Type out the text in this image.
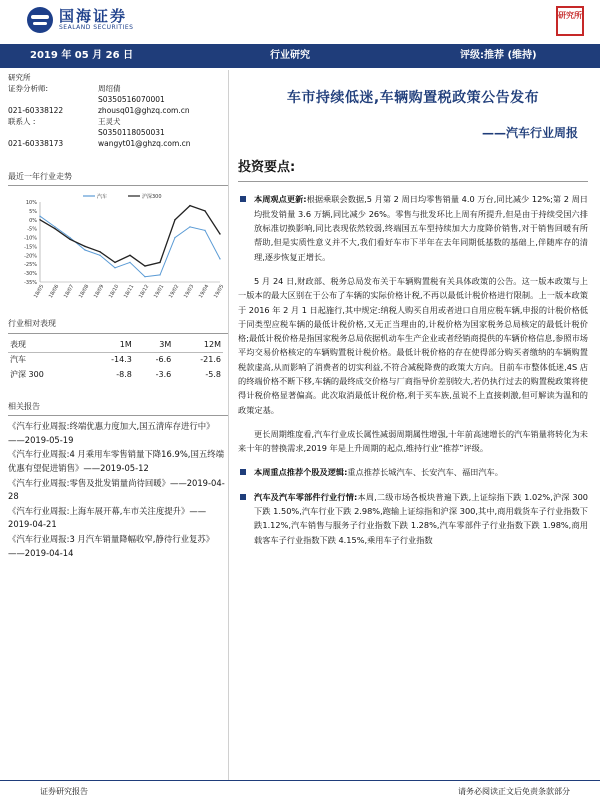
国海证券
SEALAND SECURITIES
研究所
2019 年 05 月 26 日	行业研究	评级:推荐 (维持)
研究所
证券分析师:	周绍倩
S0350516070001
021-60338122	zhousq01@ghzq.com.cn
联系人 :	王灵犬
S0350118050031
021-60338173	wangyt01@ghzq.com.cn
最近一年行业走势
10%
5%
0%
-5%
-10%
-15%
-20%
-25%
-30%
-35%
18/05 18/06 18/07 18/08 18/09 18/10 18/11 18/12 19/01 19/02 19/03 19/04 19/05
汽车	沪深300
行业相对表现
表现	1M	3M	12M
汽车	-14.3	-6.6	-21.6
沪深 300	-8.8	-3.6	-5.8
相关报告

《汽车行业周报:终端优惠力度加大,国五清库存进行中》——2019-05-19

《汽车行业周报:4 月乘用车零售销量下降16.9%,国五终端优惠有望促进销售》——2019-05-12

《汽车行业周报:零售及批发销量尚待回暖》——2019-04-28

《汽车行业周报:上海车展开幕,车市关注度提升》——2019-04-21

《汽车行业周报:3 月汽车销量降幅收窄,静待行业复苏》——2019-04-14

车市持续低迷,车辆购置税政策公告发布
——汽车行业周报
投资要点:
本周观点更新:根据乘联会数据,5 月第 2 周日均零售销量 4.0 万台,同比减少 12%;第 2 周日均批发销量 3.6 万辆,同比减少 26%。零售与批发环比上周有所提升,但是由于持续受国六排放标准切换影响,同比表现依然较弱,终端国五车型持续加大力度降价销售,对于销售回暖有所帮助,但是实质性意义并不大,我们看好车市下半年在去年同期低基数的基础上,伴随库存的清理,逐步恢复正增长。
5 月 24 日,财政部、税务总局发布关于车辆购置税有关具体政策的公告。这一版本政策与上一版本的最大区别在于公布了车辆的实际价格计税,不再以最低计税价格进行限制。上一版本政策于 2016 年 2 月 1 日起施行,其中规定:纳税人购买自用或者进口自用应税车辆,申报的计税价格低于同类型应税车辆的最低计税价格,又无正当理由的,计税价格为国家税务总局核定的最低计税价格;最低计税价格是指国家税务总局依据机动车生产企业或者经销商提供的车辆价格信息,参照市场平均交易价格核定的车辆购置税计税价格。最低计税价格的存在使得部分购买者缴纳的车辆购置税款虚高,从而影响了消费者的切实利益,不符合减税降费的政策大方向。目前车市整体低迷,4S 店的终端价格不断下移,车辆的最终成交价格与厂商指导价差别较大,若仍执行过去的购置税政策将使得计税价格显著偏高。此次取消最低计税价格,利于买车族,虽说不上直接刺激,但可解读为温和的政策定基。
更长周期维度看,汽车行业成长属性减弱周期属性增强,十年前高速增长的汽车销量将转化为未来十年的替换需求,2019 年是上升周期的起点,维持行业“推荐”评级。
本周重点推荐个股及逻辑:重点推荐长城汽车、长安汽车、福田汽车。
汽车及汽车零部件行业行情:本周,二级市场各板块普遍下跌,上证综指下跌 1.02%,沪深 300 下跌 1.50%,汽车行业下跌 2.98%,跑输上证综指和沪深 300,其中,商用载货车子行业指数下跌1.12%,汽车销售与服务子行业指数下跌 1.28%,汽车零部件子行业指数下跌 1.98%,商用载客车子行业指数下跌 4.15%,乘用车子行业指数
证券研究报告	请务必阅读正文后免责条款部分
